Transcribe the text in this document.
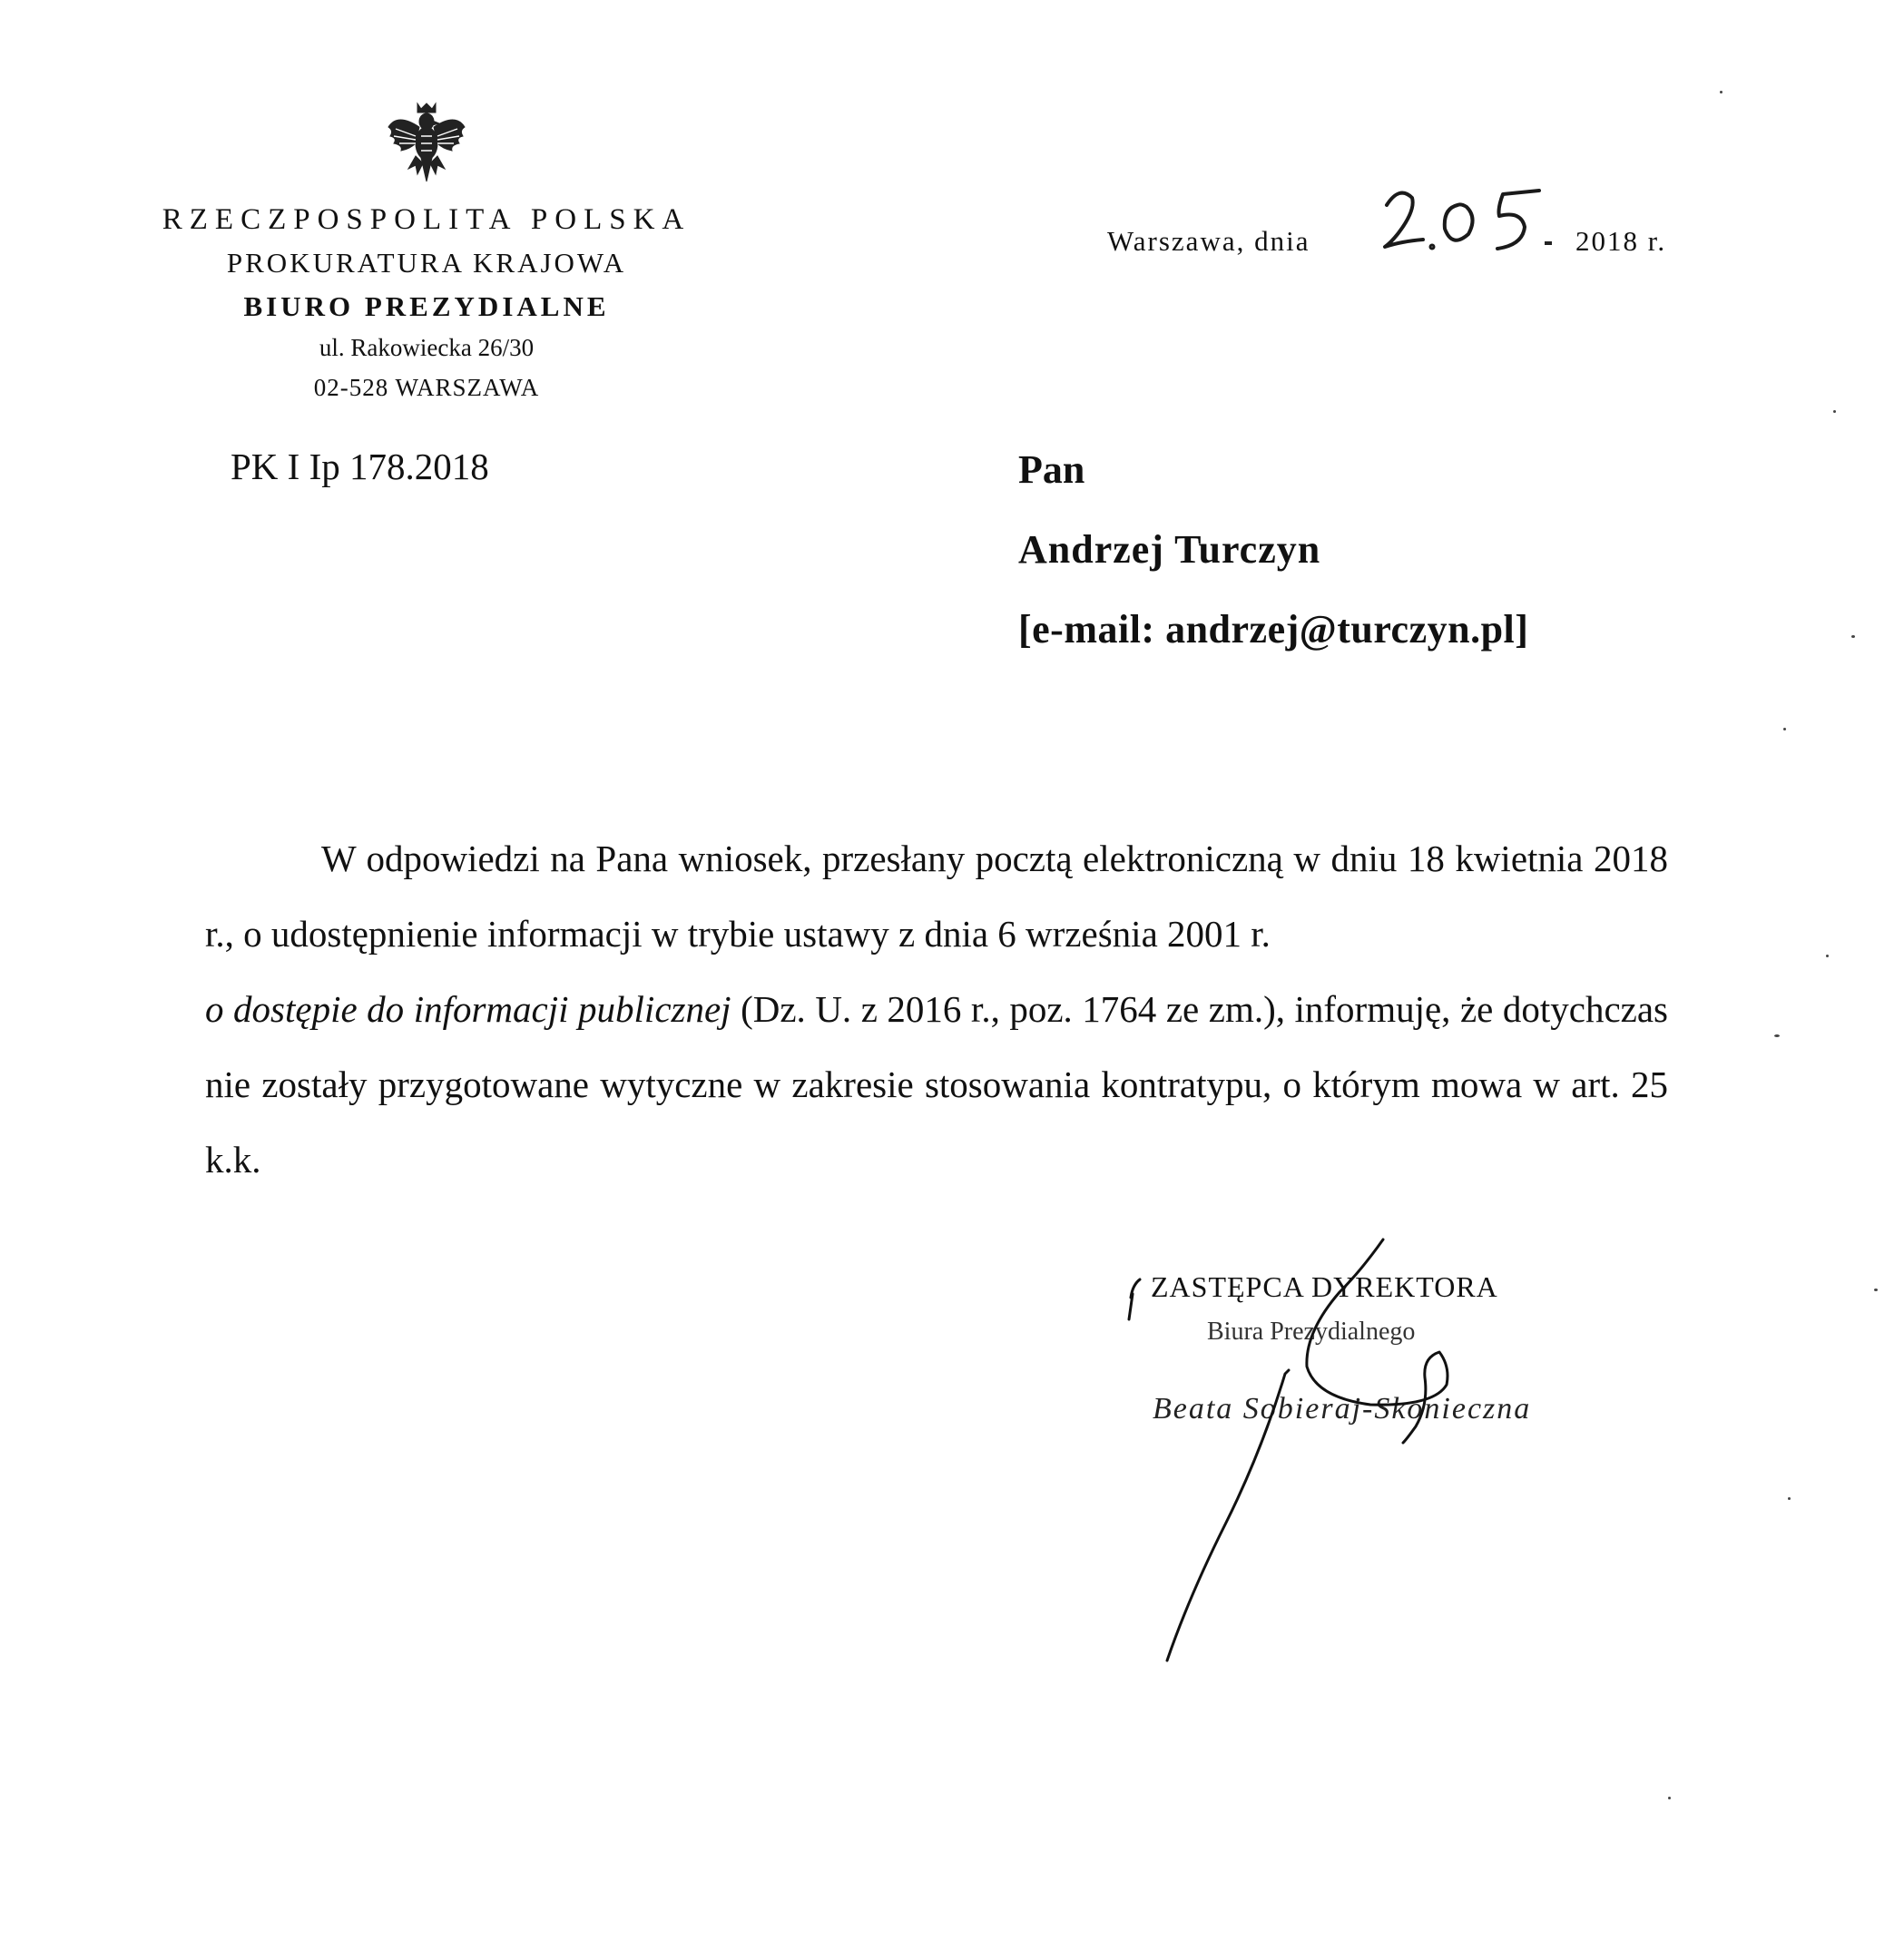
RZECZPOSPOLITA POLSKA
PROKURATURA KRAJOWA
BIURO PREZYDIALNE
ul. Rakowiecka 26/30
02-528 WARSZAWA
PK I Ip 178.2018
Warszawa, dnia	2018 r.
Pan
Andrzej Turczyn
[e-mail: andrzej@turczyn.pl]
W odpowiedzi na Pana wniosek, przesłany pocztą elektroniczną w dniu 18 kwietnia 2018 r., o udostępnienie informacji w trybie ustawy z dnia 6 września 2001 r.
o dostępie do informacji publicznej (Dz. U. z 2016 r., poz. 1764 ze zm.), informuję, że dotychczas nie zostały przygotowane wytyczne w zakresie stosowania kontratypu, o którym mowa w art. 25 k.k.
ZASTĘPCA DYREKTORA
Biura Prezydialnego
Beata Sobieraj-Skonieczna
